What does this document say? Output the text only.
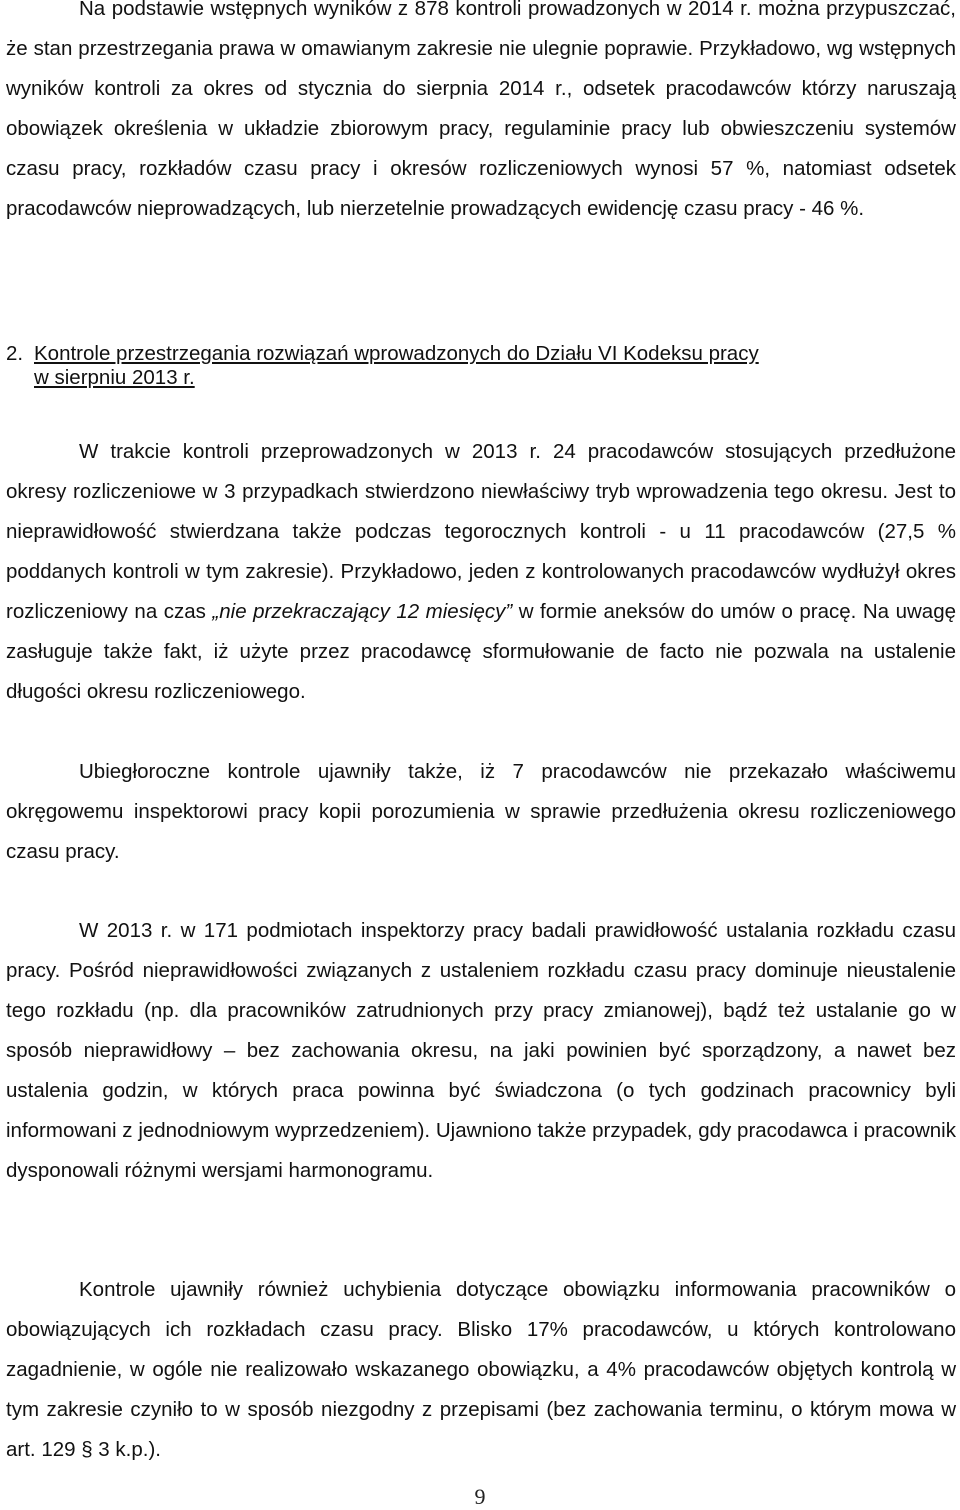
Na podstawie wstępnych wyników z 878 kontroli prowadzonych w 2014 r. można przypuszczać, że stan przestrzegania prawa w omawianym zakresie nie ulegnie poprawie. Przykładowo, wg wstępnych wyników kontroli za okres od stycznia do sierpnia 2014 r., odsetek pracodawców którzy naruszają obowiązek określenia w układzie zbiorowym pracy, regulaminie pracy lub obwieszczeniu systemów czasu pracy, rozkładów czasu pracy i okresów rozliczeniowych wynosi 57 %, natomiast odsetek pracodawców nieprowadzących, lub nierzetelnie prowadzących ewidencję czasu pracy - 46 %.

2. Kontrole przestrzegania rozwiązań wprowadzonych do Działu VI Kodeksu pracy
w sierpniu 2013 r.

W trakcie kontroli przeprowadzonych w 2013 r. 24 pracodawców stosujących przedłużone okresy rozliczeniowe w 3 przypadkach stwierdzono niewłaściwy tryb wprowadzenia tego okresu. Jest to nieprawidłowość stwierdzana także podczas tegorocznych kontroli - u 11 pracodawców (27,5 % poddanych kontroli w tym zakresie). Przykładowo, jeden z kontrolowanych pracodawców wydłużył okres rozliczeniowy na czas „nie przekraczający 12 miesięcy” w formie aneksów do umów o pracę. Na uwagę zasługuje także fakt, iż użyte przez pracodawcę sformułowanie de facto nie pozwala na ustalenie długości okresu rozliczeniowego.

Ubiegłoroczne kontrole ujawniły także, iż 7 pracodawców nie przekazało właściwemu okręgowemu inspektorowi pracy kopii porozumienia w sprawie przedłużenia okresu rozliczeniowego czasu pracy.

W 2013 r. w 171 podmiotach inspektorzy pracy badali prawidłowość ustalania rozkładu czasu pracy. Pośród nieprawidłowości związanych z ustaleniem rozkładu czasu pracy dominuje nieustalenie tego rozkładu (np. dla pracowników zatrudnionych przy pracy zmianowej), bądź też ustalanie go w sposób nieprawidłowy – bez zachowania okresu, na jaki powinien być sporządzony, a nawet bez ustalenia godzin, w których praca powinna być świadczona (o tych godzinach pracownicy byli informowani z jednodniowym wyprzedzeniem). Ujawniono także przypadek, gdy pracodawca i pracownik dysponowali różnymi wersjami harmonogramu.

Kontrole ujawniły również uchybienia dotyczące obowiązku informowania pracowników o obowiązujących ich rozkładach czasu pracy. Blisko 17% pracodawców, u których kontrolowano zagadnienie, w ogóle nie realizowało wskazanego obowiązku, a 4% pracodawców objętych kontrolą w tym zakresie czyniło to w sposób niezgodny z przepisami (bez zachowania terminu, o którym mowa w art. 129 § 3 k.p.).

9
